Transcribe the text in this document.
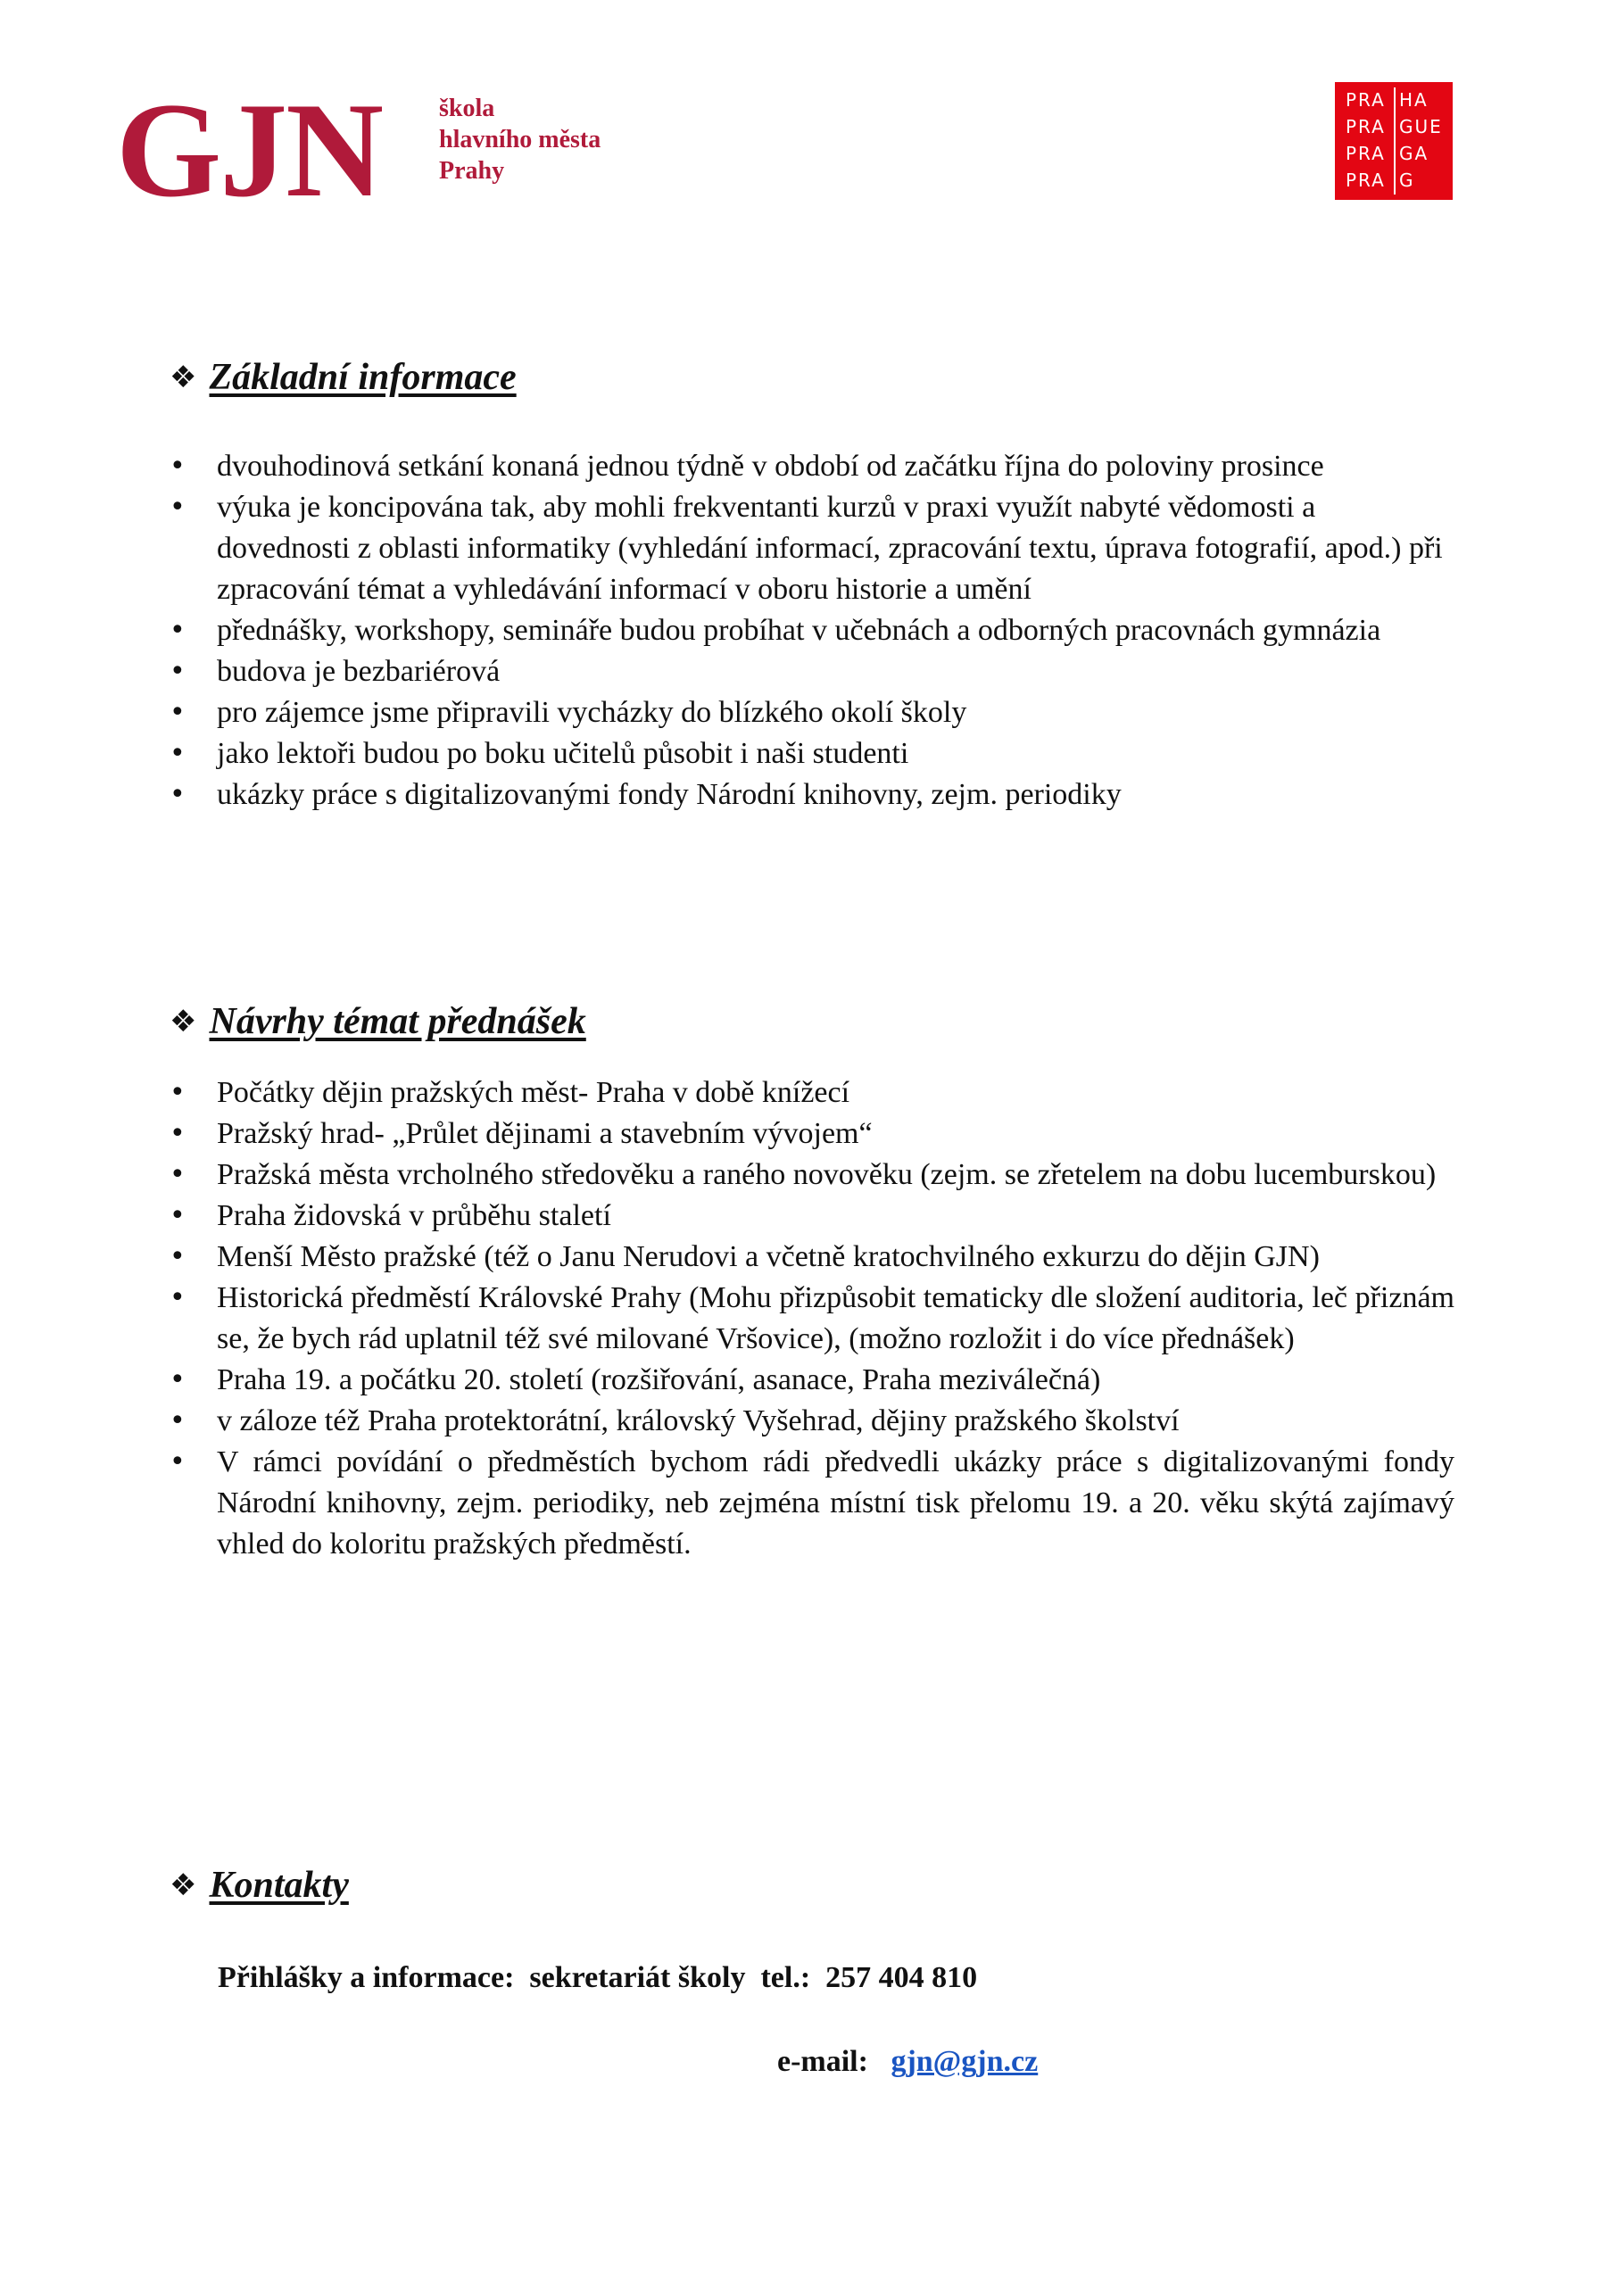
GJN škola
hlavního města
Prahy
PRA HA
PRA GUE
PRA GA
PRA G
❖ Základní informace
• dvouhodinová setkání konaná jednou týdně v období od začátku října do poloviny prosince
• výuka je koncipována tak, aby mohli frekventanti kurzů v praxi využít nabyté vědomosti a dovednosti z oblasti informatiky (vyhledání informací, zpracování textu, úprava fotografií, apod.) při zpracování témat a vyhledávání informací v oboru historie a umění
• přednášky, workshopy, semináře budou probíhat v učebnách a odborných pracovnách gymnázia
• budova je bezbariérová
• pro zájemce jsme připravili vycházky do blízkého okolí školy
• jako lektoři budou po boku učitelů působit i naši studenti
• ukázky práce s digitalizovanými fondy Národní knihovny, zejm. periodiky
❖ Návrhy témat přednášek
• Počátky dějin pražských měst- Praha v době knížecí
• Pražský hrad- „Průlet dějinami a stavebním vývojem“
• Pražská města vrcholného středověku a raného novověku (zejm. se zřetelem na dobu lucemburskou)
• Praha židovská v průběhu staletí
• Menší Město pražské (též o Janu Nerudovi a včetně kratochvilného exkurzu do dějin GJN)
• Historická předměstí Královské Prahy (Mohu přizpůsobit tematicky dle složení auditoria, leč přiznám se, že bych rád uplatnil též své milované Vršovice), (možno rozložit i do více přednášek)
• Praha 19. a počátku 20. století (rozšiřování, asanace, Praha meziválečná)
• v záloze též Praha protektorátní, královský Vyšehrad, dějiny pražského školství
• V rámci povídání o předměstích bychom rádi předvedli ukázky práce s digitalizovanými fondy Národní knihovny, zejm. periodiky, neb zejména místní tisk přelomu 19. a 20. věku skýtá zajímavý vhled do koloritu pražských předměstí.
❖ Kontakty
Přihlášky a informace:  sekretariát školy  tel.:  257 404 810

e-mail: gjn@gjn.cz
